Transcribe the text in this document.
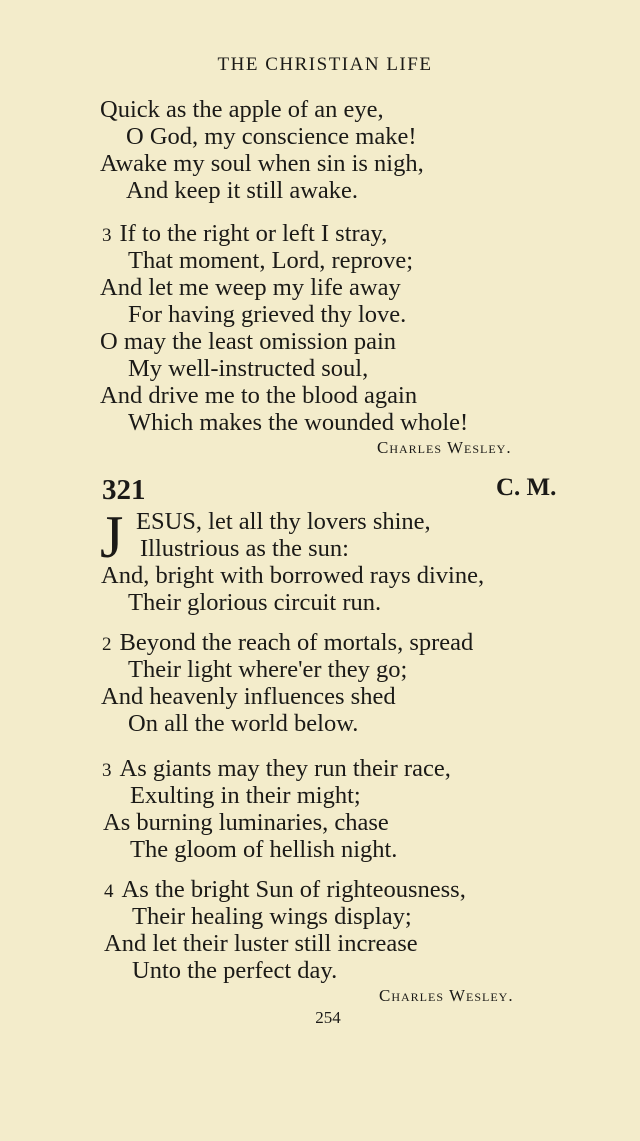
THE CHRISTIAN LIFE
Quick as the apple of an eye,
O God, my conscience make!
Awake my soul when sin is nigh,
And keep it still awake.
3 If to the right or left I stray,
That moment, Lord, reprove;
And let me weep my life away
For having grieved thy love.
O may the least omission pain
My well-instructed soul,
And drive me to the blood again
Which makes the wounded whole!
Charles Wesley.
321	C. M.
J ESUS, let all thy lovers shine,
Illustrious as the sun:
And, bright with borrowed rays divine,
Their glorious circuit run.
2 Beyond the reach of mortals, spread
Their light where'er they go;
And heavenly influences shed
On all the world below.
3 As giants may they run their race,
Exulting in their might;
As burning luminaries, chase
The gloom of hellish night.
4 As the bright Sun of righteousness,
Their healing wings display;
And let their luster still increase
Unto the perfect day.
Charles Wesley.
254
